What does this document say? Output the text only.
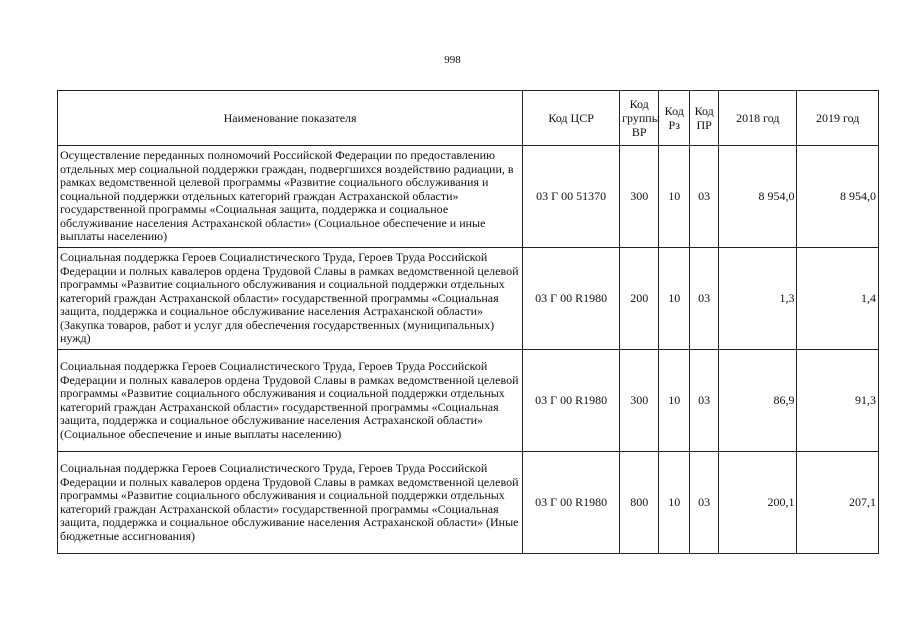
998
Наименование показателя	Код ЦСР	Код группы ВР	Код Рз	Код ПР	2018 год	2019 год
Осуществление переданных полномочий Российской Федерации по предоставлению отдельных мер социальной поддержки граждан, подвергшихся воздействию радиации, в рамках ведомственной целевой программы «Развитие социального обслуживания и социальной поддержки отдельных категорий граждан Астраханской области» государственной программы «Социальная защита, поддержка и социальное обслуживание населения Астраханской области» (Социальное обеспечение и иные выплаты населению)	03 Г 00 51370	300	10	03	8 954,0	8 954,0
Социальная поддержка Героев Социалистического Труда, Героев Труда Российской Федерации и полных кавалеров ордена Трудовой Славы в рамках ведомственной целевой программы «Развитие социального обслуживания и социальной поддержки отдельных категорий граждан Астраханской области» государственной программы «Социальная защита, поддержка и социальное обслуживание населения Астраханской области» (Закупка товаров, работ и услуг для обеспечения государственных (муниципальных) нужд)	03 Г 00 R1980	200	10	03	1,3	1,4
Социальная поддержка Героев Социалистического Труда, Героев Труда Российской Федерации и полных кавалеров ордена Трудовой Славы в рамках ведомственной целевой программы «Развитие социального обслуживания и социальной поддержки отдельных категорий граждан Астраханской области» государственной программы «Социальная защита, поддержка и социальное обслуживание населения Астраханской области» (Социальное обеспечение и иные выплаты населению)	03 Г 00 R1980	300	10	03	86,9	91,3
Социальная поддержка Героев Социалистического Труда, Героев Труда Российской Федерации и полных кавалеров ордена Трудовой Славы в рамках ведомственной целевой программы «Развитие социального обслуживания и социальной поддержки отдельных категорий граждан Астраханской области» государственной программы «Социальная защита, поддержка и социальное обслуживание населения Астраханской области» (Иные бюджетные ассигнования)	03 Г 00 R1980	800	10	03	200,1	207,1
